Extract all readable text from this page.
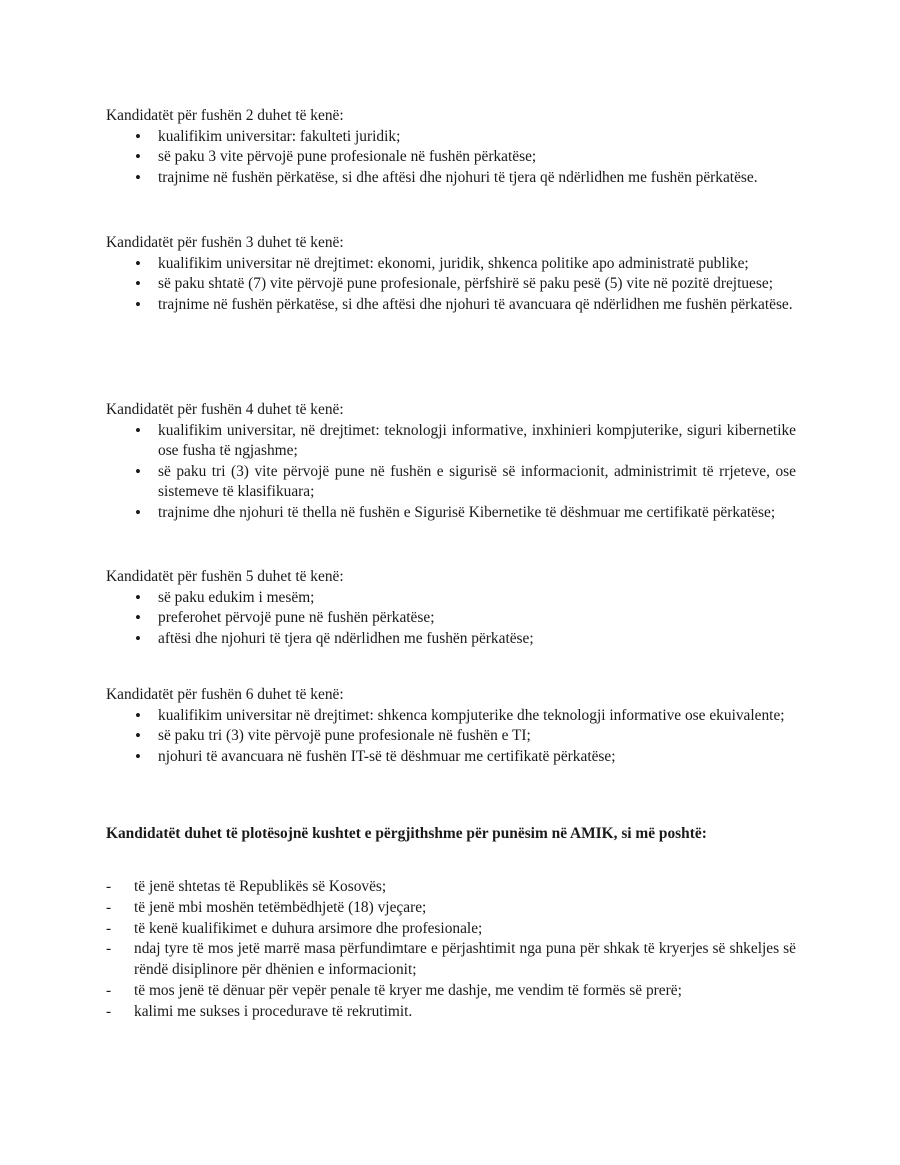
Kandidatët për fushën 2 duhet të kenë:

• kualifikim universitar: fakulteti juridik;
• së paku 3 vite përvojë pune profesionale në fushën përkatëse;
• trajnime në fushën përkatëse, si dhe aftësi dhe njohuri të tjera që ndërlidhen me fushën përkatëse.

Kandidatët për fushën 3 duhet të kenë:

• kualifikim universitar në drejtimet: ekonomi, juridik, shkenca politike apo administratë publike;
• së paku shtatë (7) vite përvojë pune profesionale, përfshirë së paku pesë (5) vite në pozitë drejtuese;
• trajnime në fushën përkatëse, si dhe aftësi dhe njohuri të avancuara që ndërlidhen me fushën përkatëse.

Kandidatët për fushën 4 duhet të kenë:

• kualifikim universitar, në drejtimet: teknologji informative, inxhinieri kompjuterike, siguri kibernetike ose fusha të ngjashme;
• së paku tri (3) vite përvojë pune në fushën e sigurisë së informacionit, administrimit të rrjeteve, ose sistemeve të klasifikuara;
• trajnime dhe njohuri të thella në fushën e Sigurisë Kibernetike të dëshmuar me certifikatë përkatëse;

Kandidatët për fushën 5 duhet të kenë:

• së paku edukim i mesëm;
• preferohet përvojë pune në fushën përkatëse;
• aftësi dhe njohuri të tjera që ndërlidhen me fushën përkatëse;

Kandidatët për fushën 6 duhet të kenë:

• kualifikim universitar në drejtimet: shkenca kompjuterike dhe teknologji informative ose ekuivalente;
• së paku tri (3) vite përvojë pune profesionale në fushën e TI;
• njohuri të avancuara në fushën IT-së të dëshmuar me certifikatë përkatëse;

Kandidatët duhet të plotësojnë kushtet e përgjithshme për punësim në AMIK, si më poshtë:

- të jenë shtetas të Republikës së Kosovës;
- të jenë mbi moshën tetëmbëdhjetë (18) vjeçare;
- të kenë kualifikimet e duhura arsimore dhe profesionale;
- ndaj tyre të mos jetë marrë masa përfundimtare e përjashtimit nga puna për shkak të kryerjes së shkeljes së rëndë disiplinore për dhënien e informacionit;
- të mos jenë të dënuar për vepër penale të kryer me dashje, me vendim të formës së prerë;
- kalimi me sukses i procedurave të rekrutimit.
